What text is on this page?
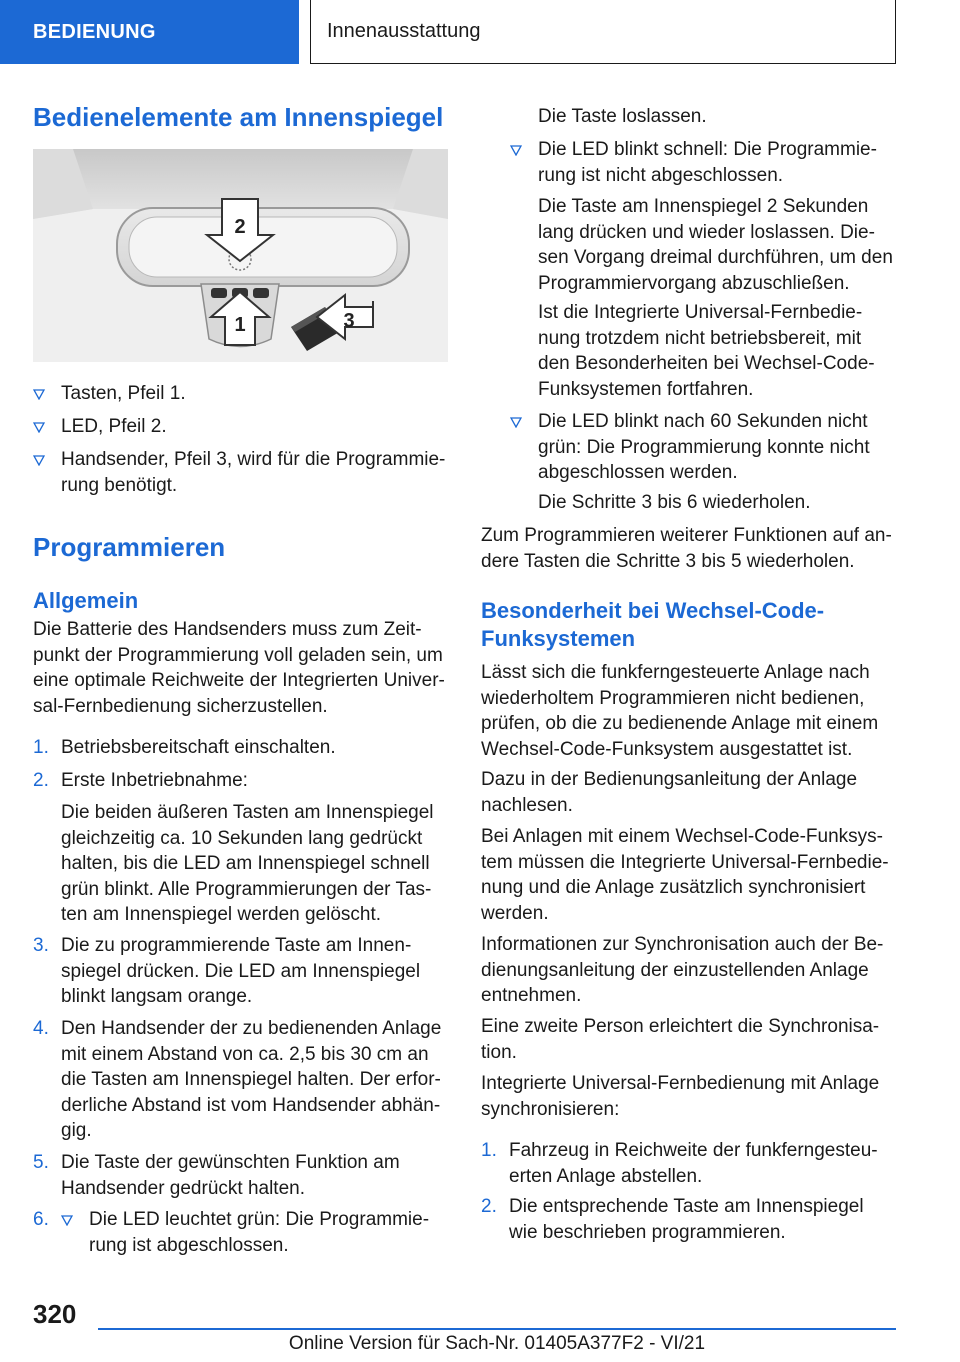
BEDIENUNG	Innenausstattung
Bedienelemente am Innenspiegel
2
1	3
Tasten, Pfeil 1.
LED, Pfeil 2.
Handsender, Pfeil 3, wird für die Programmie-
rung benötigt.
Programmieren
Allgemein
Die Batterie des Handsenders muss zum Zeit-
punkt der Programmierung voll geladen sein, um
eine optimale Reichweite der Integrierten Univer-
sal-Fernbedienung sicherzustellen.
1. Betriebsbereitschaft einschalten.
2. Erste Inbetriebnahme:
Die beiden äußeren Tasten am Innenspiegel
gleichzeitig ca. 10 Sekunden lang gedrückt
halten, bis die LED am Innenspiegel schnell
grün blinkt. Alle Programmierungen der Tas-
ten am Innenspiegel werden gelöscht.
3. Die zu programmierende Taste am Innen-
spiegel drücken. Die LED am Innenspiegel
blinkt langsam orange.
4. Den Handsender der zu bedienenden Anlage
mit einem Abstand von ca. 2,5 bis 30 cm an
die Tasten am Innenspiegel halten. Der erfor-
derliche Abstand ist vom Handsender abhän-
gig.
5. Die Taste der gewünschten Funktion am
Handsender gedrückt halten.
6. Die LED leuchtet grün: Die Programmie-
rung ist abgeschlossen.
Die Taste loslassen.
Die LED blinkt schnell: Die Programmie-
rung ist nicht abgeschlossen.
Die Taste am Innenspiegel 2 Sekunden
lang drücken und wieder loslassen. Die-
sen Vorgang dreimal durchführen, um den
Programmiervorgang abzuschließen.
Ist die Integrierte Universal-Fernbedie-
nung trotzdem nicht betriebsbereit, mit
den Besonderheiten bei Wechsel-Code-
Funksystemen fortfahren.
Die LED blinkt nach 60 Sekunden nicht
grün: Die Programmierung konnte nicht
abgeschlossen werden.
Die Schritte 3 bis 6 wiederholen.
Zum Programmieren weiterer Funktionen auf an-
dere Tasten die Schritte 3 bis 5 wiederholen.
Besonderheit bei Wechsel-Code-
Funksystemen
Lässt sich die funkferngesteuerte Anlage nach
wiederholtem Programmieren nicht bedienen,
prüfen, ob die zu bedienende Anlage mit einem
Wechsel-Code-Funksystem ausgestattet ist.
Dazu in der Bedienungsanleitung der Anlage
nachlesen.
Bei Anlagen mit einem Wechsel-Code-Funksys-
tem müssen die Integrierte Universal-Fernbedie-
nung und die Anlage zusätzlich synchronisiert
werden.
Informationen zur Synchronisation auch der Be-
dienungsanleitung der einzustellenden Anlage
entnehmen.
Eine zweite Person erleichtert die Synchronisa-
tion.
Integrierte Universal-Fernbedienung mit Anlage
synchronisieren:
1. Fahrzeug in Reichweite der funkferngesteu-
erten Anlage abstellen.
2. Die entsprechende Taste am Innenspiegel
wie beschrieben programmieren.
320
Online Version für Sach-Nr. 01405A377F2 - VI/21
